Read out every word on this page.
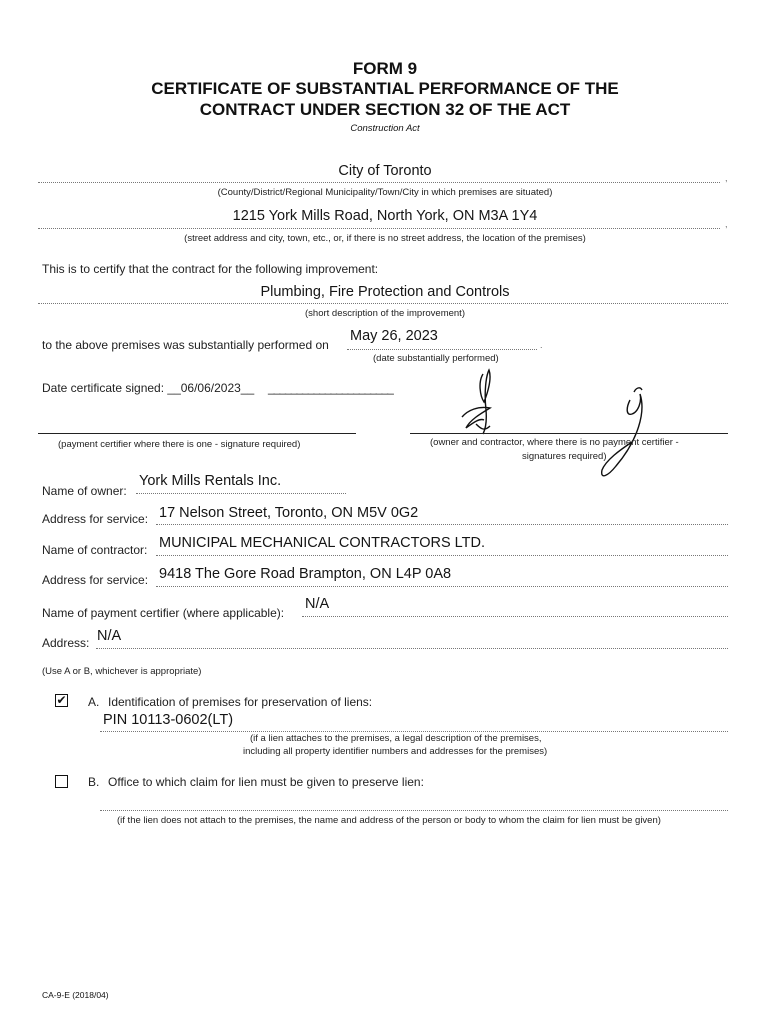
FORM 9
CERTIFICATE OF SUBSTANTIAL PERFORMANCE OF THE
CONTRACT UNDER SECTION 32 OF THE ACT
Construction Act
City of Toronto	,
(County/District/Regional Municipality/Town/City in which premises are situated)
1215 York Mills Road, North York, ON M3A 1Y4	,
(street address and city, town, etc., or, if there is no street address, the location of the premises)
This is to certify that the contract for the following improvement:
Plumbing, Fire Protection and Controls
(short description of the improvement)
to the above premises was substantially performed on
May 26, 2023
.
(date substantially performed)
Date certificate signed: __06/06/2023__ ______________________
(payment certifier where there is one - signature required)	(owner and contractor, where there is no payment certifier -
signatures required)
Name of owner:
York Mills Rentals Inc.
Address for service: 17 Nelson Street, Toronto, ON M5V 0G2
Name of contractor: MUNICIPAL MECHANICAL CONTRACTORS LTD.
Address for service: 9418 The Gore Road Brampton, ON L4P 0A8
Name of payment certifier (where applicable):
N/A
Address: N/A
(Use A or B, whichever is appropriate)
✔ A. Identification of premises for preservation of liens:
PIN 10113-0602(LT)
(if a lien attaches to the premises, a legal description of the premises,
including all property identifier numbers and addresses for the premises)
B. Office to which claim for lien must be given to preserve lien:
(if the lien does not attach to the premises, the name and address of the person or body to whom the claim for lien must be given)
CA-9-E (2018/04)
